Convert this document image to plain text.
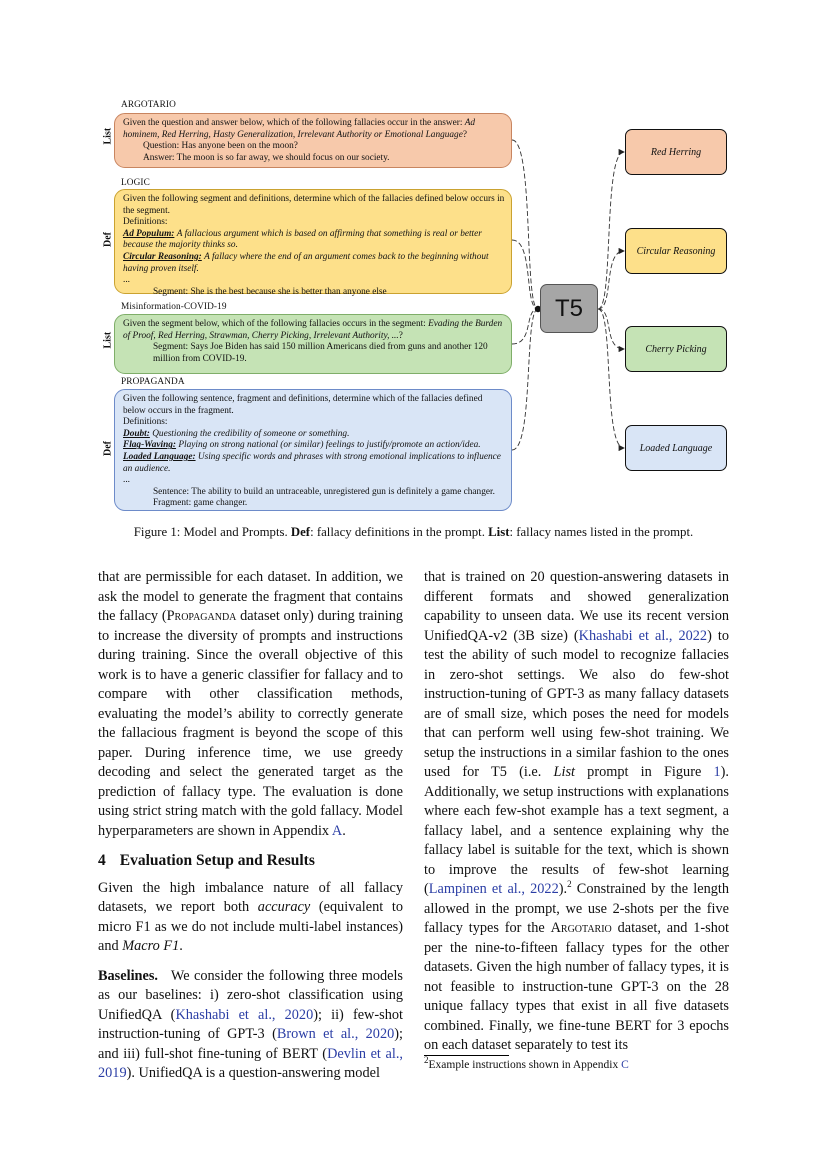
ARGOTARIO
List

Given the question and answer below, which of the following fallacies occur in the answer: Ad hominem, Red Herring, Hasty Generalization, Irrelevant Authority or Emotional Language?

Question: Has anyone been on the moon?

Answer: The moon is so far away, we should focus on our society.

LOGIC
Def

Given the following segment and definitions, determine which of the fallacies defined below occurs in the segment.

Definitions:

Ad Populum: A fallacious argument which is based on affirming that something is real or better because the majority thinks so.

Circular Reasoning: A fallacy where the end of an argument comes back to the beginning without having proven itself.

...

Segment: She is the best because she is better than anyone else

Misinformation-COVID-19
List

Given the segment below, which of the following fallacies occurs in the segment: Evading the Burden of Proof, Red Herring, Strawman, Cherry Picking, Irrelevant Authority, ...?

Segment: Says Joe Biden has said 150 million Americans died from guns and another 120 million from COVID-19.

PROPAGANDA
Def

Given the following sentence, fragment and definitions, determine which of the fallacies defined below occurs in the fragment.

Definitions:

Doubt: Questioning the credibility of someone or something.

Flag-Waving: Playing on strong national (or similar) feelings to justify/promote an action/idea.

Loaded Language: Using specific words and phrases with strong emotional implications to influence an audience.

...

Sentence: The ability to build an untraceable, unregistered gun is definitely a game changer.

Fragment: game changer.

T5
Red Herring
Circular Reasoning
Cherry Picking
Loaded Language
Figure 1: Model and Prompts. Def: fallacy definitions in the prompt. List: fallacy names listed in the prompt.

that are permissible for each dataset. In addition, we ask the model to generate the fragment that contains the fallacy (Propaganda dataset only) during training to increase the diversity of prompts and instructions during training. Since the overall objective of this work is to have a generic classifier for fallacy and to compare with other classification methods, evaluating the model’s ability to correctly generate the fallacious fragment is beyond the scope of this paper. During inference time, we use greedy decoding and select the generated target as the prediction of fallacy type. The evaluation is done using strict string match with the gold fallacy. Model hyperparameters are shown in Appendix A.

4 Evaluation Setup and Results

Given the high imbalance nature of all fallacy datasets, we report both accuracy (equivalent to micro F1 as we do not include multi-label instances) and Macro F1.

Baselines.   We consider the following three models as our baselines: i) zero-shot classification using UnifiedQA (Khashabi et al., 2020); ii) few-shot instruction-tuning of GPT-3 (Brown et al., 2020); and iii) full-shot fine-tuning of BERT (Devlin et al., 2019). UnifiedQA is a question-answering model

that is trained on 20 question-answering datasets in different formats and showed generalization capability to unseen data. We use its recent version UnifiedQA-v2 (3B size) (Khashabi et al., 2022) to test the ability of such model to recognize fallacies in zero-shot settings. We also do few-shot instruction-tuning of GPT-3 as many fallacy datasets are of small size, which poses the need for models that can perform well using few-shot training. We setup the instructions in a similar fashion to the ones used for T5 (i.e. List prompt in Figure 1). Additionally, we setup instructions with explanations where each few-shot example has a text segment, a fallacy label, and a sentence explaining why the fallacy label is suitable for the text, which is shown to improve the results of few-shot learning (Lampinen et al., 2022).$^2$ Constrained by the length allowed in the prompt, we use 2-shots per the five fallacy types for the Argotario dataset, and 1-shot per the nine-to-fifteen fallacy types for the other datasets. Given the high number of fallacy types, it is not feasible to instruction-tune GPT-3 on the 28 unique fallacy types that exist in all five datasets combined. Finally, we fine-tune BERT for 3 epochs on each dataset separately to test its

$^2$Example instructions shown in Appendix C
